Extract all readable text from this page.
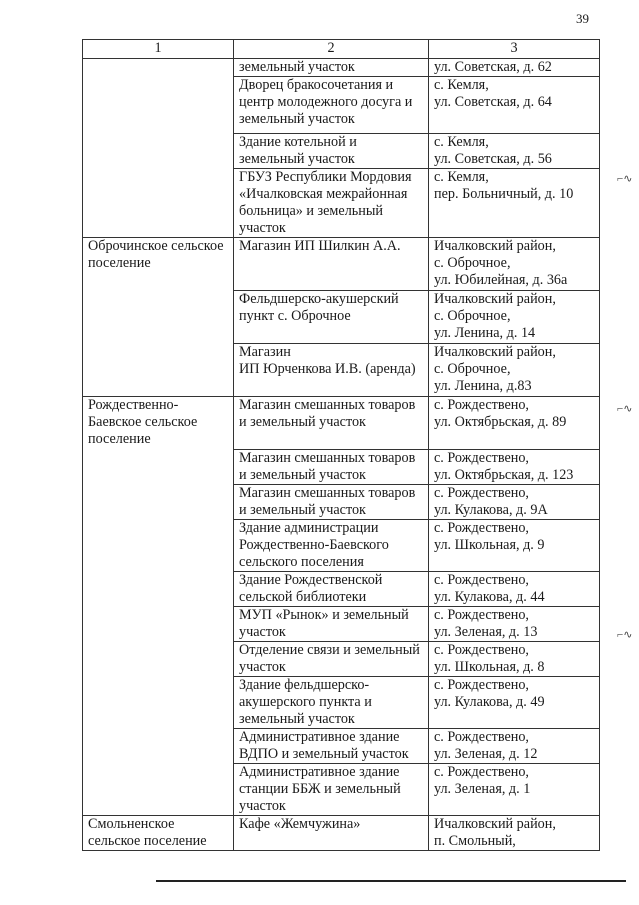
39
1	2	3
	земельный участок	ул. Советская, д. 62

	Дворец бракосочетания и центр молодежного досуга и земельный участок	с. Кемля,
ул. Советская, д. 64

	Здание котельной и земельный участок	с. Кемля,
ул. Советская, д. 56

	ГБУЗ Республики Мордовия «Ичалковская межрайонная больница» и земельный участок	с. Кемля,
пер. Больничный, д. 10

Оброчинское сельское поселение	Магазин ИП Шилкин А.А.	Ичалковский район,
с. Оброчное,
ул. Юбилейная, д. 36а

	Фельдшерско-акушерский пункт с. Оброчное	Ичалковский район,
с. Оброчное,
ул. Ленина, д. 14

	Магазин
ИП Юрченкова И.В. (аренда)	Ичалковский район,
с. Оброчное,
ул. Ленина, д.83

Рождественно-Баевское сельское поселение	Магазин смешанных товаров и земельный участок	с. Рождествено,
ул. Октябрьская, д. 89

	Магазин смешанных товаров и земельный участок	с. Рождествено,
ул. Октябрьская, д. 123

	Магазин смешанных товаров и земельный участок	с. Рождествено,
ул. Кулакова, д. 9А

	Здание администрации Рождественно-Баевского сельского поселения	с. Рождествено,
ул. Школьная, д. 9

	Здание Рождественской сельской библиотеки	с. Рождествено,
ул. Кулакова, д. 44

	МУП «Рынок» и земельный участок	с. Рождествено,
ул. Зеленая, д. 13

	Отделение связи и земельный участок	с. Рождествено,
ул. Школьная, д. 8

	Здание фельдшерско-акушерского пункта и земельный участок	с. Рождествено,
ул. Кулакова, д. 49

	Административное здание ВДПО и земельный участок	с. Рождествено,
ул. Зеленая, д. 12

	Административное здание станции ББЖ и земельный участок	с. Рождествено,
ул. Зеленая, д. 1

Смольненское сельское поселение	Кафе «Жемчужина»	Ичалковский район,
п. Смольный,
⌐∿
⌐∿
⌐∿
